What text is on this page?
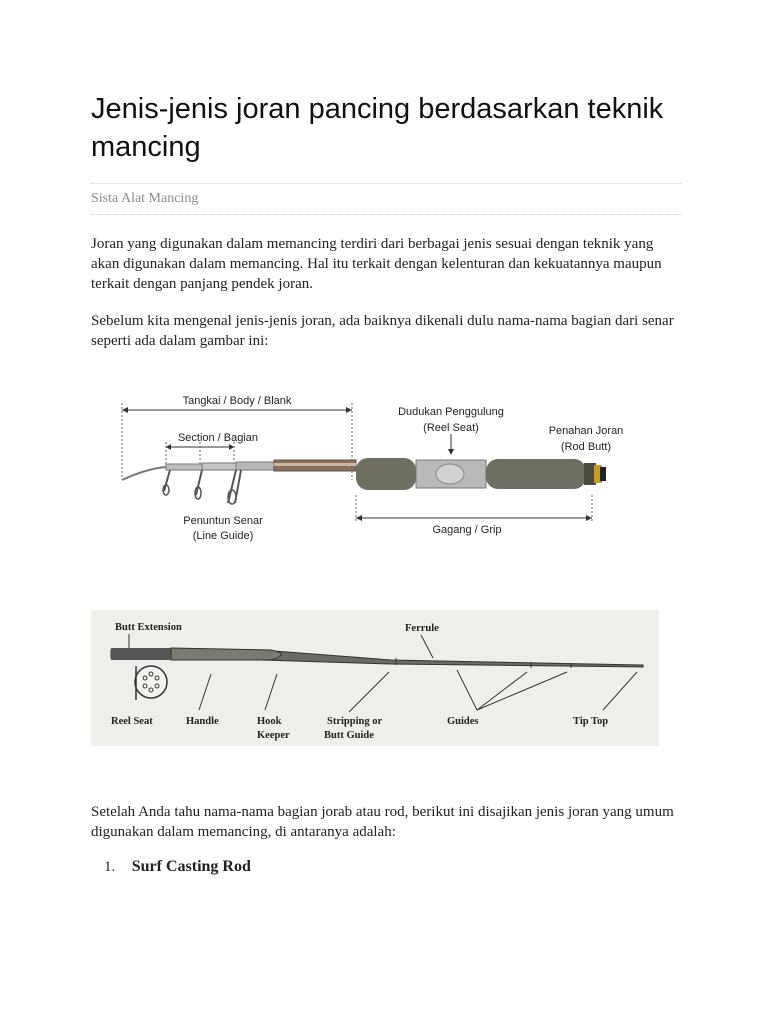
Jenis-jenis joran pancing berdasarkan teknik mancing
Sista Alat Mancing

Joran yang digunakan dalam memancing terdiri dari berbagai jenis sesuai dengan teknik yang akan digunakan dalam memancing. Hal itu terkait dengan kelenturan dan kekuatannya maupun terkait dengan panjang pendek joran.

Sebelum kita mengenal jenis-jenis joran, ada baiknya dikenali dulu nama-nama bagian dari senar seperti ada dalam gambar ini:

Tangkai / Body / Blank
Section / Bagian
Dudukan Penggulung
(Reel Seat)	Penahan Joran
(Rod Butt)
Gagang / Grip
Penuntun Senar
(Line Guide)
Butt Extension	Ferrule
Reel Seat	Handle	Hook
Keeper
Stripping or
Butt Guide
Guides	Tip Top

Setelah Anda tahu nama-nama bagian jorab atau rod, berikut ini disajikan jenis joran yang umum digunakan dalam memancing, di antaranya adalah:

1. Surf Casting Rod
